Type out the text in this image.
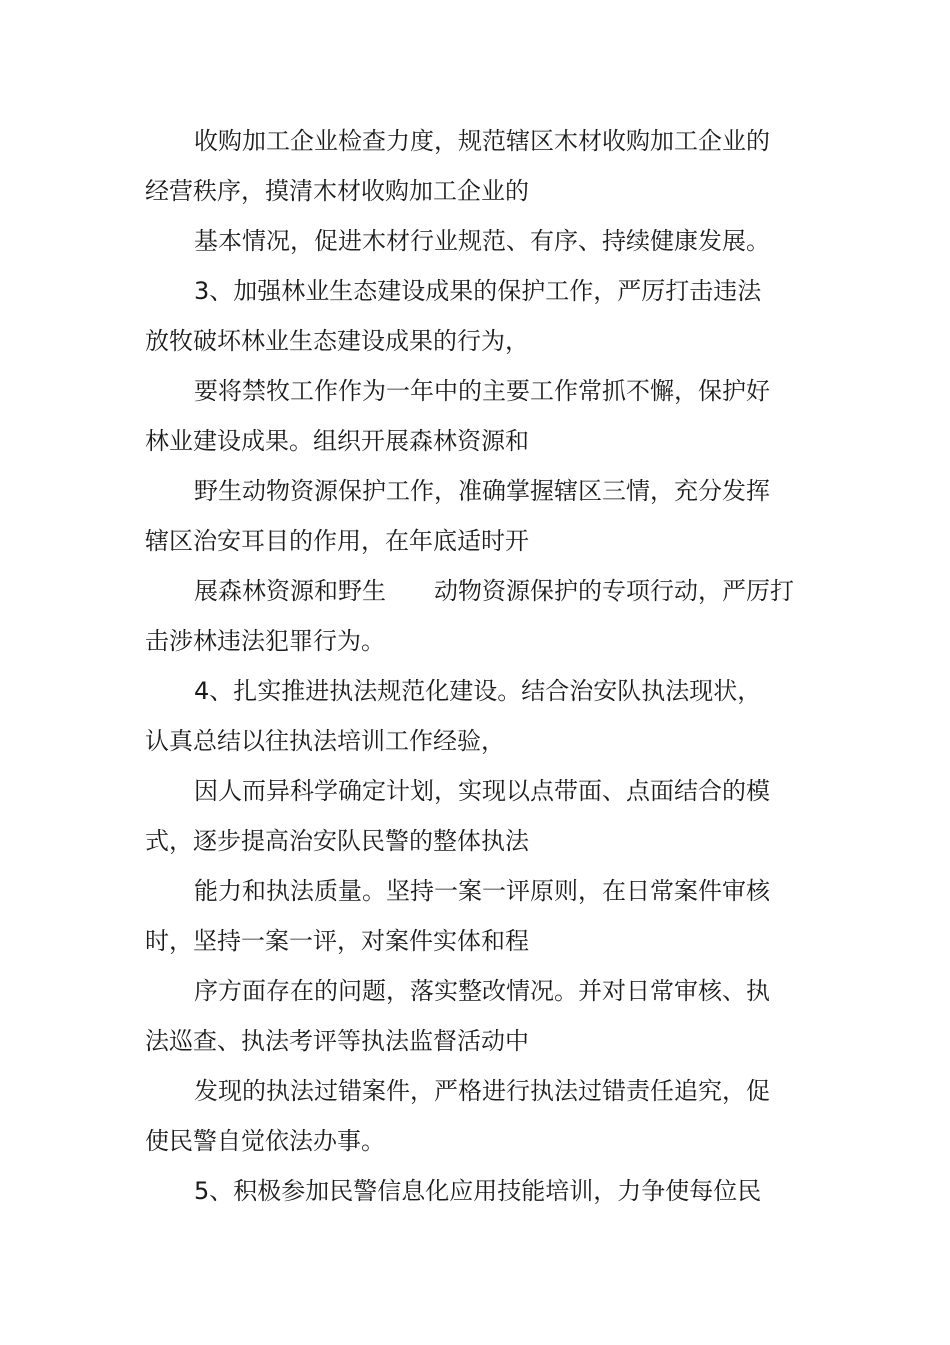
收购加工企业检查力度，规范辖区木材收购加工企业的
经营秩序，摸清木材收购加工企业的
基本情况，促进木材行业规范、有序、持续健康发展。
3、加强林业生态建设成果的保护工作，严厉打击违法
放牧破坏林业生态建设成果的行为，
要将禁牧工作作为一年中的主要工作常抓不懈，保护好
林业建设成果。组织开展森林资源和
野生动物资源保护工作，准确掌握辖区三情，充分发挥
辖区治安耳目的作用，在年底适时开
展森林资源和野生　　动物资源保护的专项行动，严厉打
击涉林违法犯罪行为。
4、扎实推进执法规范化建设。结合治安队执法现状，
认真总结以往执法培训工作经验，
因人而异科学确定计划，实现以点带面、点面结合的模
式，逐步提高治安队民警的整体执法
能力和执法质量。坚持一案一评原则，在日常案件审核
时，坚持一案一评，对案件实体和程
序方面存在的问题，落实整改情况。并对日常审核、执
法巡查、执法考评等执法监督活动中
发现的执法过错案件，严格进行执法过错责任追究，促
使民警自觉依法办事。
5、积极参加民警信息化应用技能培训，力争使每位民
